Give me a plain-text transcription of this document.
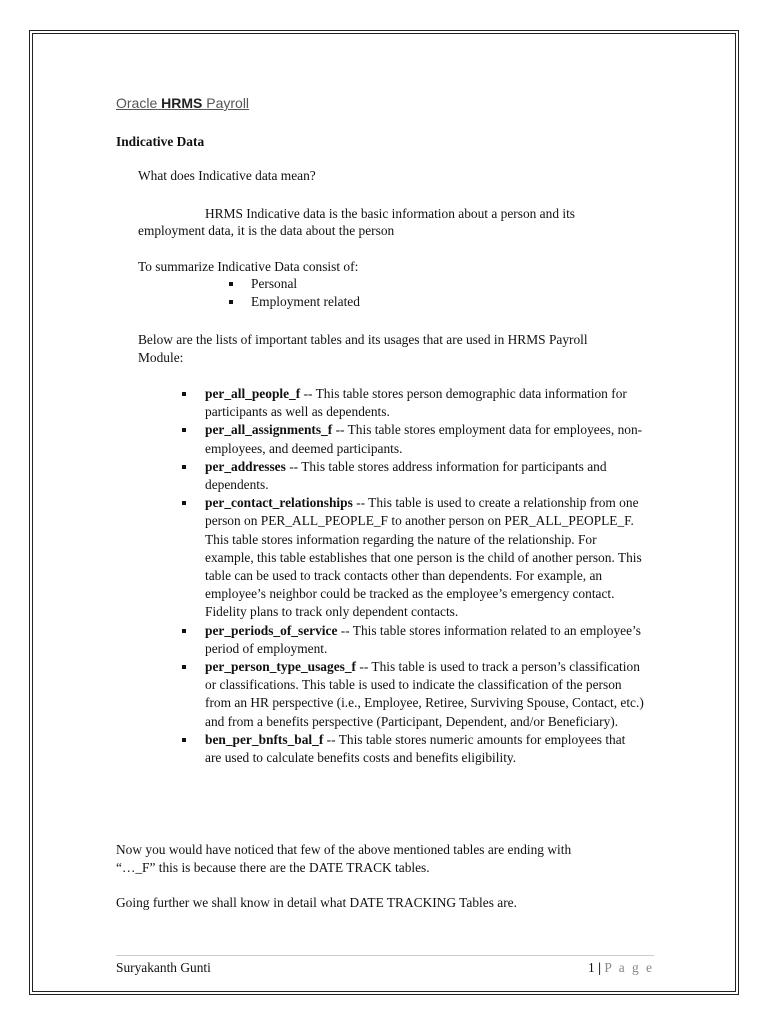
Oracle HRMS Payroll
Indicative Data
What does Indicative data mean?
HRMS Indicative data is the basic information about a person and its
employment data, it is the data about the person
To summarize Indicative Data consist of:
Personal
Employment related
Below are the lists of important tables and its usages that are used in HRMS Payroll
Module:
per_all_people_f -- This table stores person demographic data information for participants as well as dependents.
per_all_assignments_f -- This table stores employment data for employees, non-employees, and deemed participants.
per_addresses -- This table stores address information for participants and dependents.
per_contact_relationships -- This table is used to create a relationship from one person on PER_ALL_PEOPLE_F to another person on PER_ALL_PEOPLE_F. This table stores information regarding the nature of the relationship. For example, this table establishes that one person is the child of another person. This table can be used to track contacts other than dependents. For example, an employee’s neighbor could be tracked as the employee’s emergency contact. Fidelity plans to track only dependent contacts.
per_periods_of_service -- This table stores information related to an employee’s period of employment.
per_person_type_usages_f -- This table is used to track a person’s classification or classifications. This table is used to indicate the classification of the person from an HR perspective (i.e., Employee, Retiree, Surviving Spouse, Contact, etc.) and from a benefits perspective (Participant, Dependent, and/or Beneficiary).
ben_per_bnfts_bal_f -- This table stores numeric amounts for employees that are used to calculate benefits costs and benefits eligibility.
Now you would have noticed that few of the above mentioned tables are ending with
“…_F” this is because there are the DATE TRACK tables.
Going further we shall know in detail what DATE TRACKING Tables are.
Suryakanth Gunti	1 | P a g e
